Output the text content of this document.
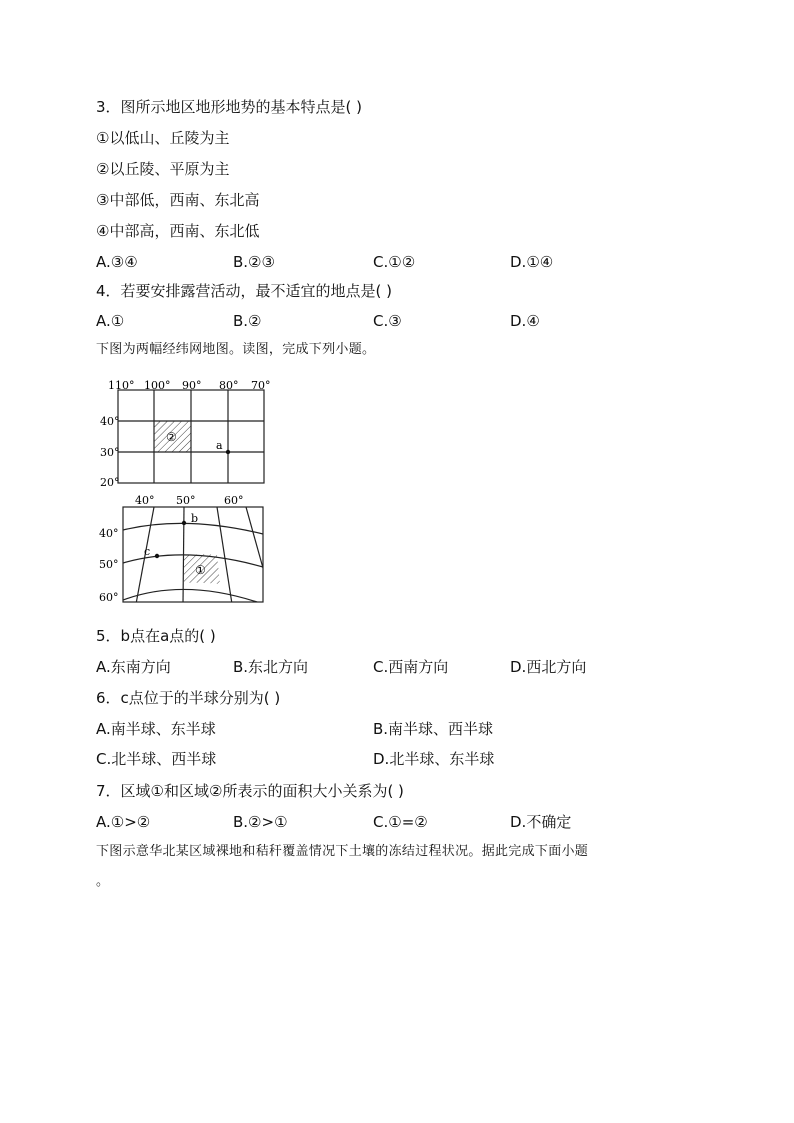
3．图所示地区地形地势的基本特点是( )
①以低山、丘陵为主
②以丘陵、平原为主
③中部低，西南、东北高
④中部高，西南、东北低
A.③④	B.②③	C.①②	D.①④
4．若要安排露营活动，最不适宜的地点是( )
A.①	B.②	C.③	D.④
下图为两幅经纬网地图。读图，完成下列小题。
a
②
110° 100° 90° 80° 70°
40°
30°
20°
b
c
①
40° 50°	60°
40°
50°
60°
5．b点在a点的( )
A.东南方向	B.东北方向	C.西南方向	D.西北方向
6．c点位于的半球分别为( )
A.南半球、东半球	B.南半球、西半球
C.北半球、西半球	D.北半球、东半球
7．区域①和区域②所表示的面积大小关系为( )
A.①>②	B.②>①	C.①=②	D.不确定
下图示意华北某区域裸地和秸秆覆盖情况下土壤的冻结过程状况。据此完成下面小题
。
